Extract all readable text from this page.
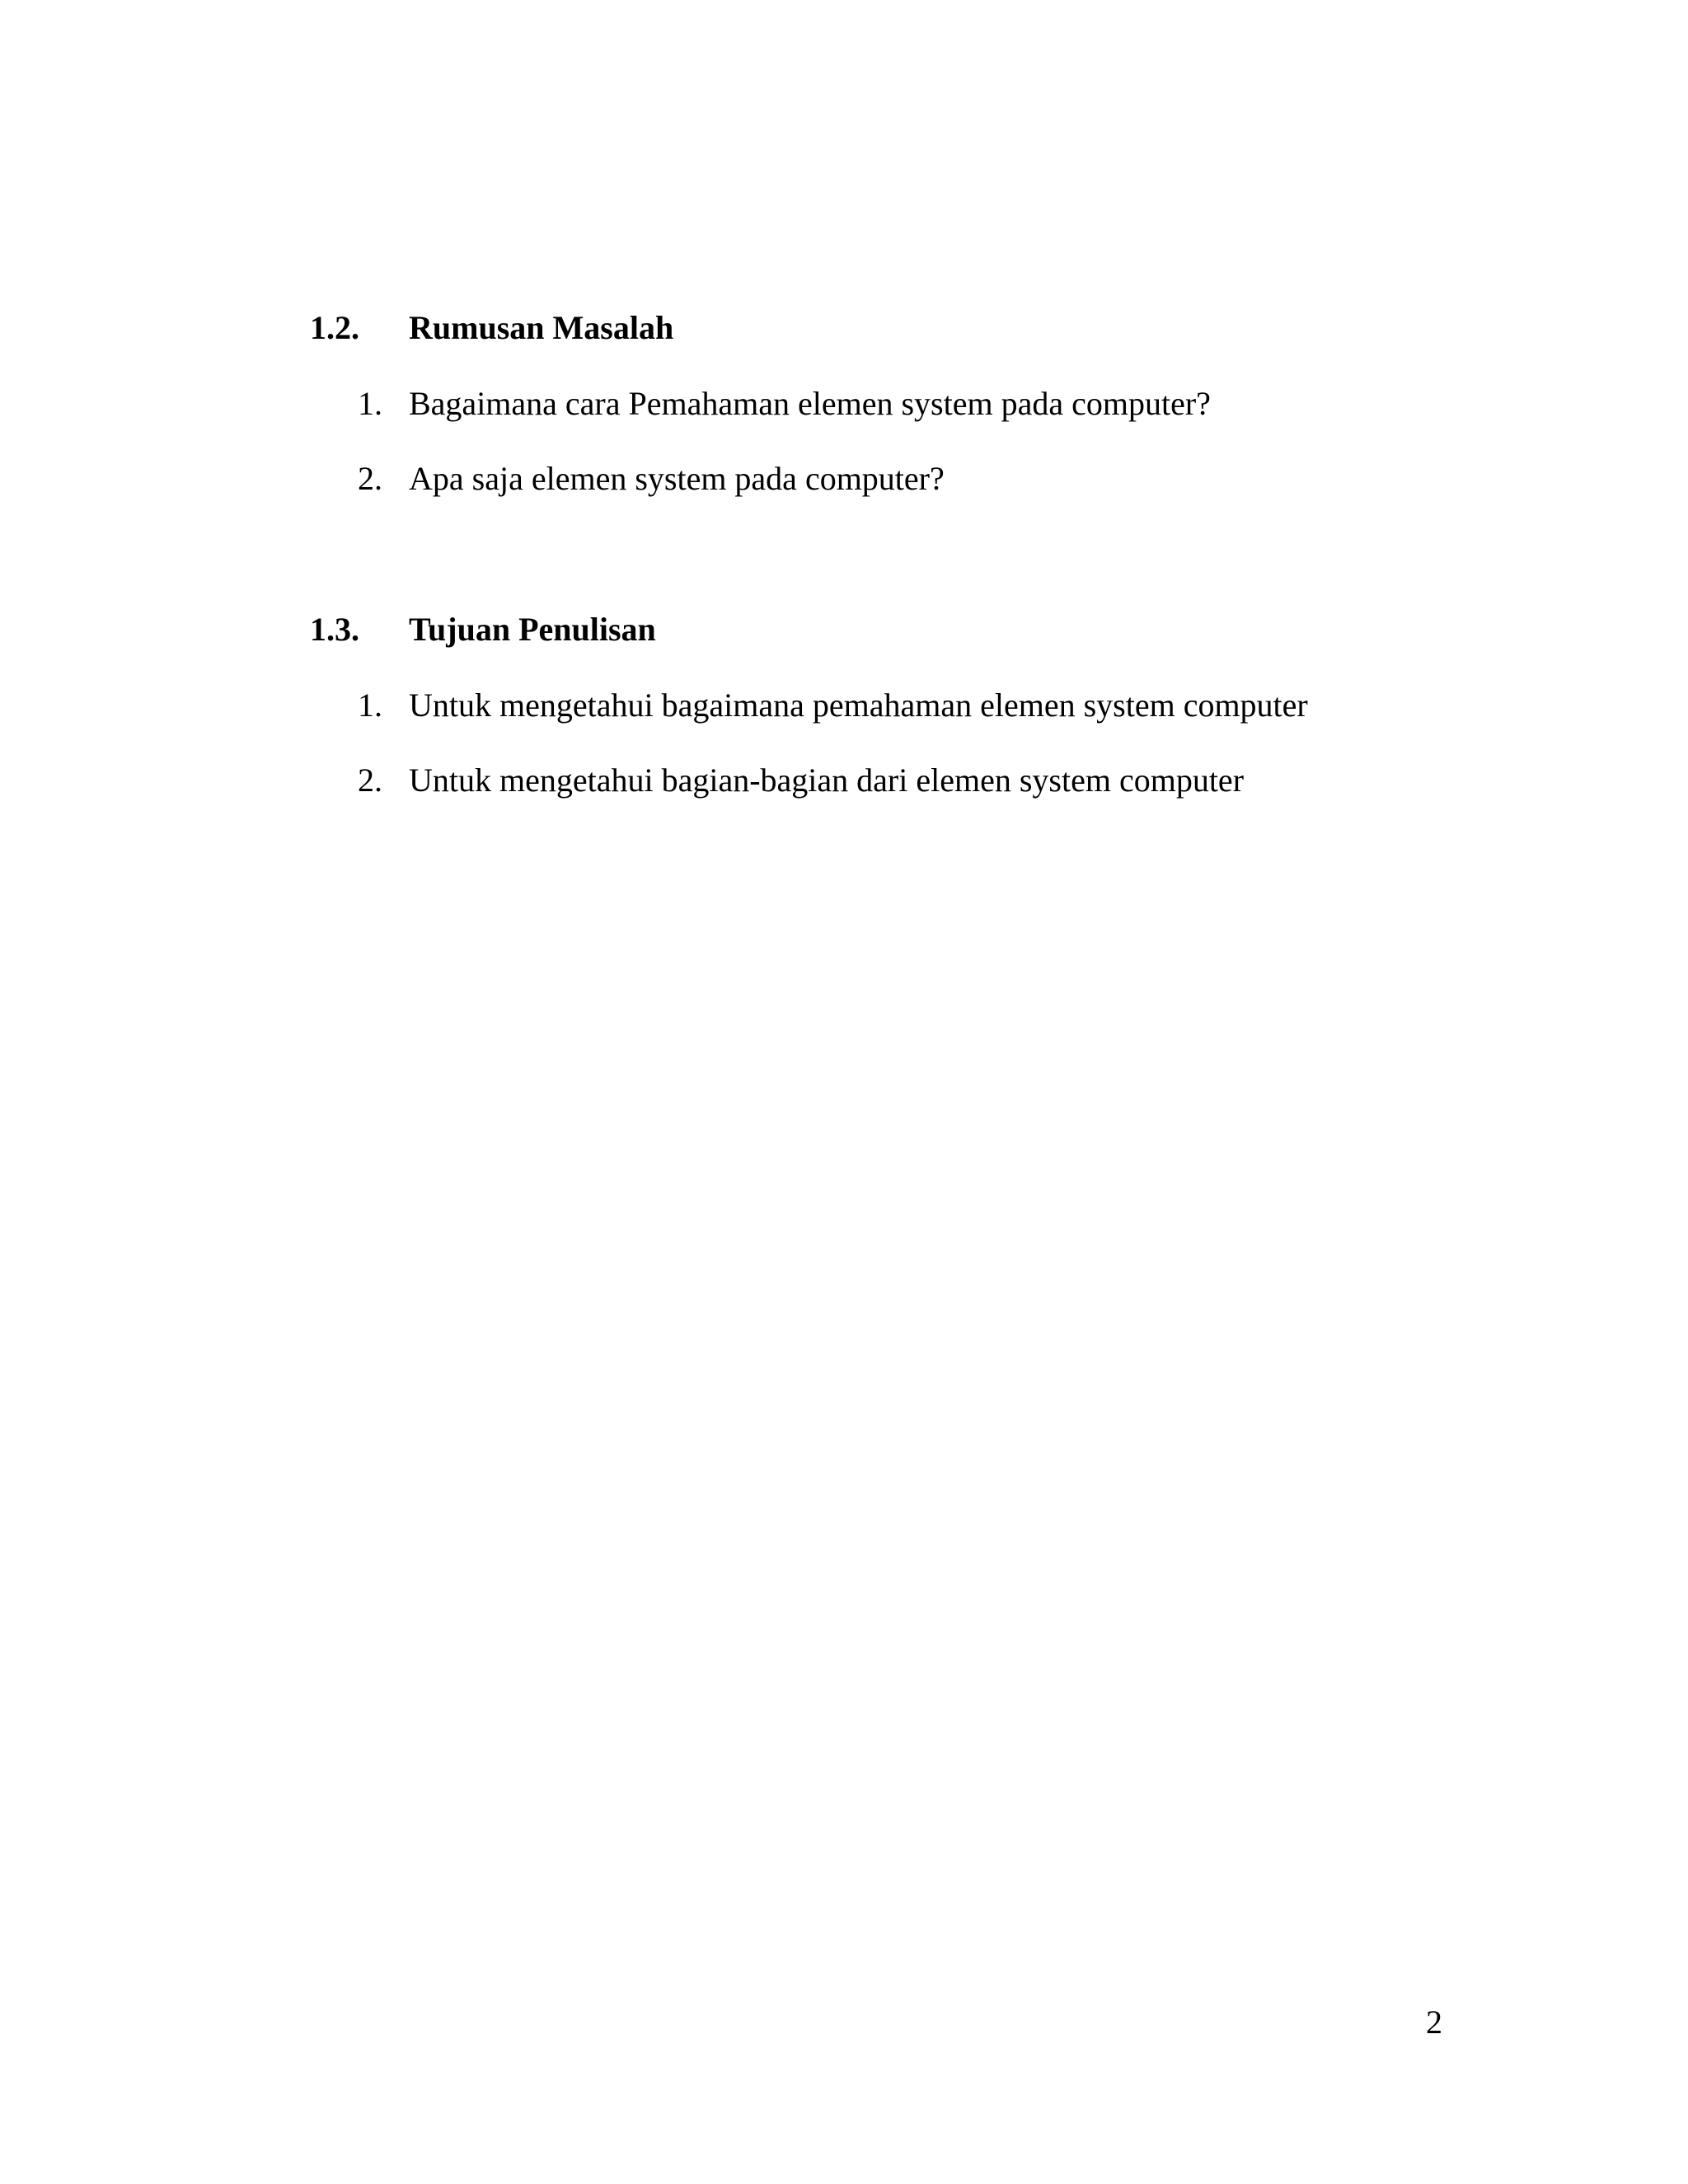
1.2.	Rumusan Masalah
1. Bagaimana cara Pemahaman elemen system pada computer?
2. Apa saja elemen system pada computer?
1.3.	Tujuan Penulisan
1. Untuk mengetahui bagaimana pemahaman elemen system computer
2. Untuk mengetahui bagian-bagian dari elemen system computer
2
